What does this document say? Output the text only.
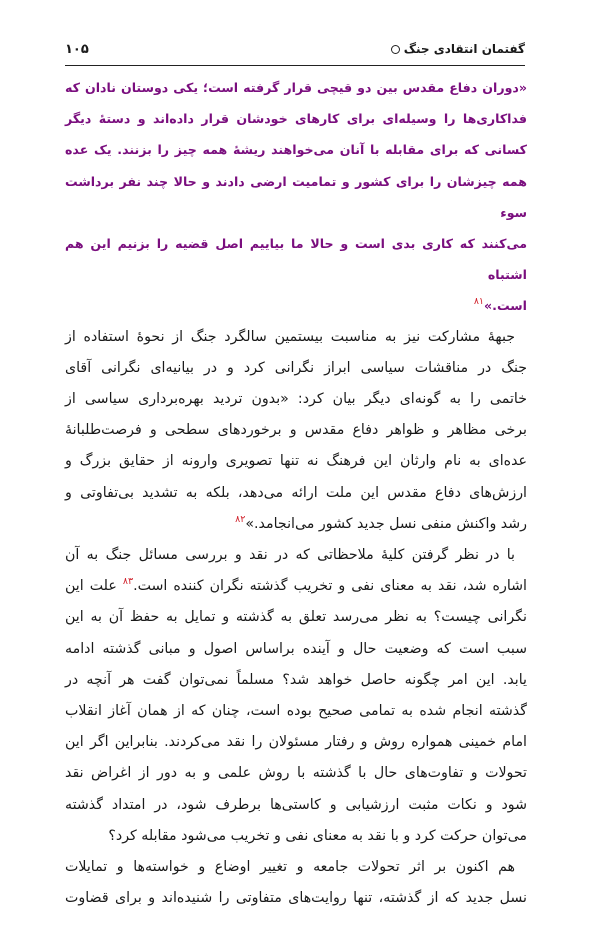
گفتمان انتقادی جنگ
۱۰۵

«دوران دفاع مقدس بین دو قیچی قرار گرفته است؛ یکی دوستان نادان که
فداکاری‌ها را وسیله‌ای برای کارهای خودشان قرار داده‌اند و دستهٔ دیگر
کسانی که برای مقابله با آنان می‌خواهند ریشهٔ همه چیز را بزنند. یک عده
همه چیزشان را برای کشور و تمامیت ارضی دادند و حالا چند نفر برداشت سوء
می‌کنند که کاری بدی است و حالا ما بیاییم اصل قضیه را بزنیم این هم اشتباه
است.»$^{۸۱}$

جبههٔ مشارکت نیز به مناسبت بیستمین سالگرد جنگ از نحوهٔ استفاده از
جنگ در مناقشات سیاسی ابراز نگرانی کرد و در بیانیه‌ای نگرانی آقای
خاتمی را به گونه‌ای دیگر بیان کرد: «بدون تردید بهره‌برداری سیاسی از
برخی مظاهر و ظواهر دفاع مقدس و برخوردهای سطحی و فرصت‌طلبانهٔ
عده‌ای به نام وارثان این فرهنگ نه تنها تصویری وارونه از حقایق بزرگ و
ارزش‌های دفاع مقدس این ملت ارائه می‌دهد، بلکه به تشدید بی‌تفاوتی و
رشد واکنش منفی نسل جدید کشور می‌انجامد.»$^{۸۲}$

با در نظر گرفتن کلیهٔ ملاحظاتی که در نقد و بررسی مسائل جنگ به آن
اشاره شد، نقد به معنای نفی و تخریب گذشته نگران کننده است.$^{۸۳}$ علت این
نگرانی چیست؟ به نظر می‌رسد تعلق به گذشته و تمایل به حفظ آن به این
سبب است که وضعیت حال و آینده براساس اصول و مبانی گذشته ادامه
یابد. این امر چگونه حاصل خواهد شد؟ مسلماً نمی‌توان گفت هر آنچه در
گذشته انجام شده به تمامی صحیح بوده است، چنان که از همان آغاز انقلاب
امام خمینی همواره روش و رفتار مسئولان را نقد می‌کردند. بنابراین اگر این
تحولات و تفاوت‌های حال با گذشته با روش علمی و به دور از اغراض نقد
شود و نکات مثبت ارزشیابی و کاستی‌ها برطرف شود، در امتداد گذشته
می‌توان حرکت کرد و با نقد به معنای نفی و تخریب می‌شود مقابله کرد؟

هم اکنون بر اثر تحولات جامعه و تغییر اوضاع و خواسته‌ها و تمایلات
نسل جدید که از گذشته، تنها روایت‌های متفاوتی را شنیده‌اند و برای قضاوت
